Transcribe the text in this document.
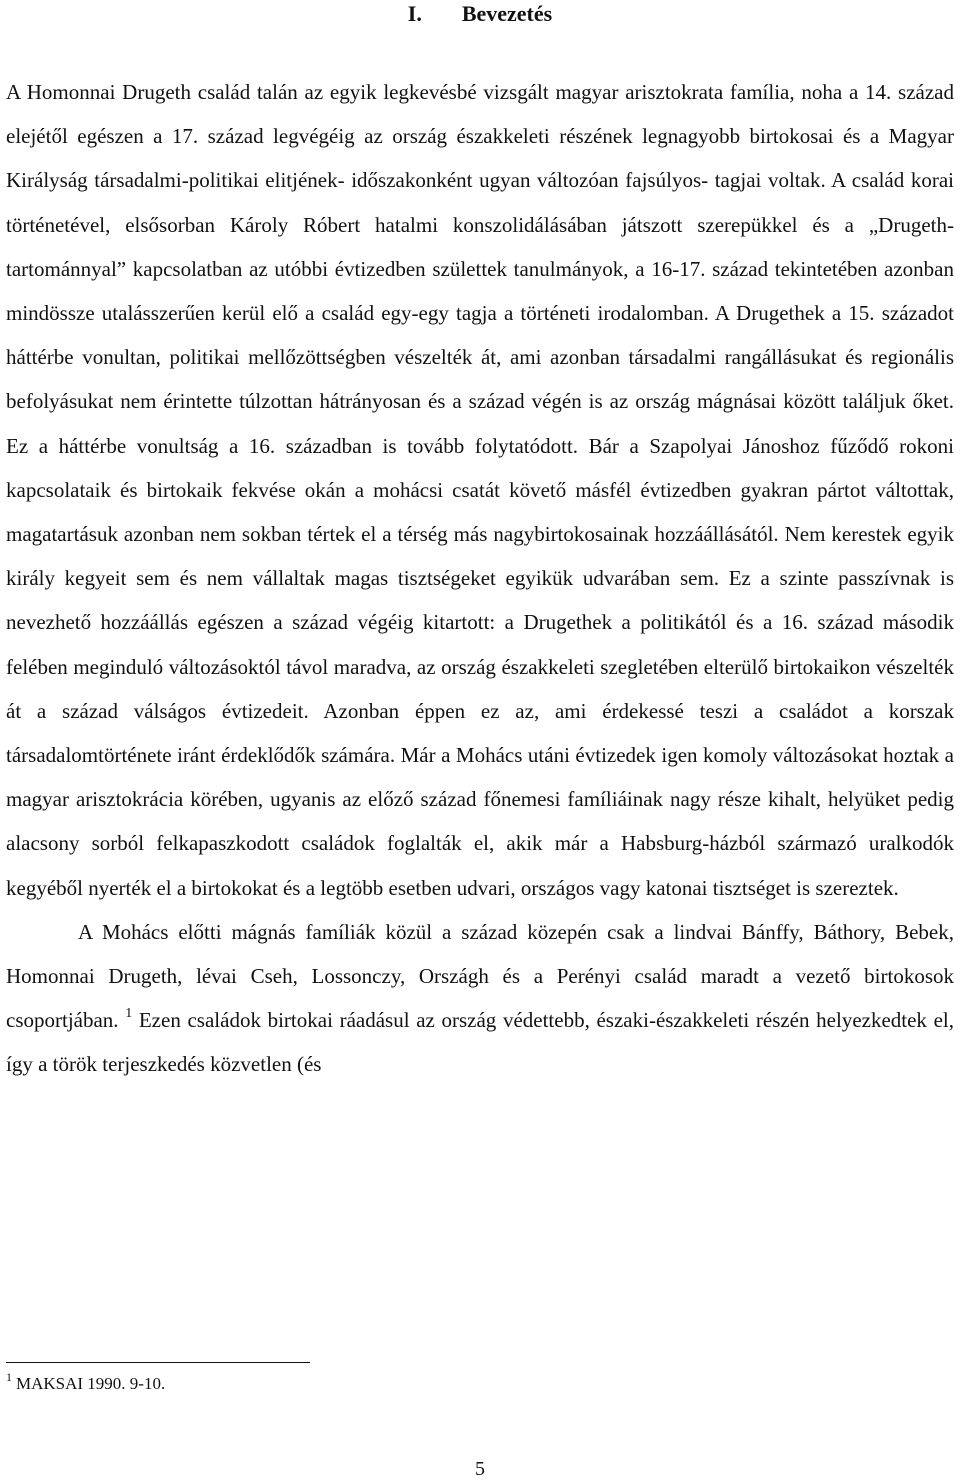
I. Bevezetés

A Homonnai Drugeth család talán az egyik legkevésbé vizsgált magyar arisztokrata família, noha a 14. század elejétől egészen a 17. század legvégéig az ország északkeleti részének legnagyobb birtokosai és a Magyar Királyság társadalmi-politikai elitjének- időszakonként ugyan változóan fajsúlyos- tagjai voltak. A család korai történetével, elsősorban Károly Róbert hatalmi konszolidálásában játszott szerepükkel és a „Drugeth-tartománnyal” kapcsolatban az utóbbi évtizedben születtek tanulmányok, a 16-17. század tekintetében azonban mindössze utalásszerűen kerül elő a család egy-egy tagja a történeti irodalomban. A Drugethek a 15. századot háttérbe vonultan, politikai mellőzöttségben vészelték át, ami azonban társadalmi rangállásukat és regionális befolyásukat nem érintette túlzottan hátrányosan és a század végén is az ország mágnásai között találjuk őket. Ez a háttérbe vonultság a 16. században is tovább folytatódott. Bár a Szapolyai Jánoshoz fűződő rokoni kapcsolataik és birtokaik fekvése okán a mohácsi csatát követő másfél évtizedben gyakran pártot váltottak, magatartásuk azonban nem sokban tértek el a térség más nagybirtokosainak hozzáállásától. Nem kerestek egyik király kegyeit sem és nem vállaltak magas tisztségeket egyikük udvarában sem. Ez a szinte passzívnak is nevezhető hozzáállás egészen a század végéig kitartott: a Drugethek a politikától és a 16. század második felében meginduló változásoktól távol maradva, az ország északkeleti szegletében elterülő birtokaikon vészelték át a század válságos évtizedeit. Azonban éppen ez az, ami érdekessé teszi a családot a korszak társadalomtörténete iránt érdeklődők számára. Már a Mohács utáni évtizedek igen komoly változásokat hoztak a magyar arisztokrácia körében, ugyanis az előző század főnemesi famíliáinak nagy része kihalt, helyüket pedig alacsony sorból felkapaszkodott családok foglalták el, akik már a Habsburg-házból származó uralkodók kegyéből nyerték el a birtokokat és a legtöbb esetben udvari, országos vagy katonai tisztséget is szereztek.

A Mohács előtti mágnás famíliák közül a század közepén csak a lindvai Bánffy, Báthory, Bebek, Homonnai Drugeth, lévai Cseh, Lossonczy, Országh és a Perényi család maradt a vezető birtokosok csoportjában. $^1$ Ezen családok birtokai ráadásul az ország védettebb, északi-északkeleti részén helyezkedtek el, így a török terjeszkedés közvetlen (és

$^1$ MAKSAI 1990. 9-10.

5
